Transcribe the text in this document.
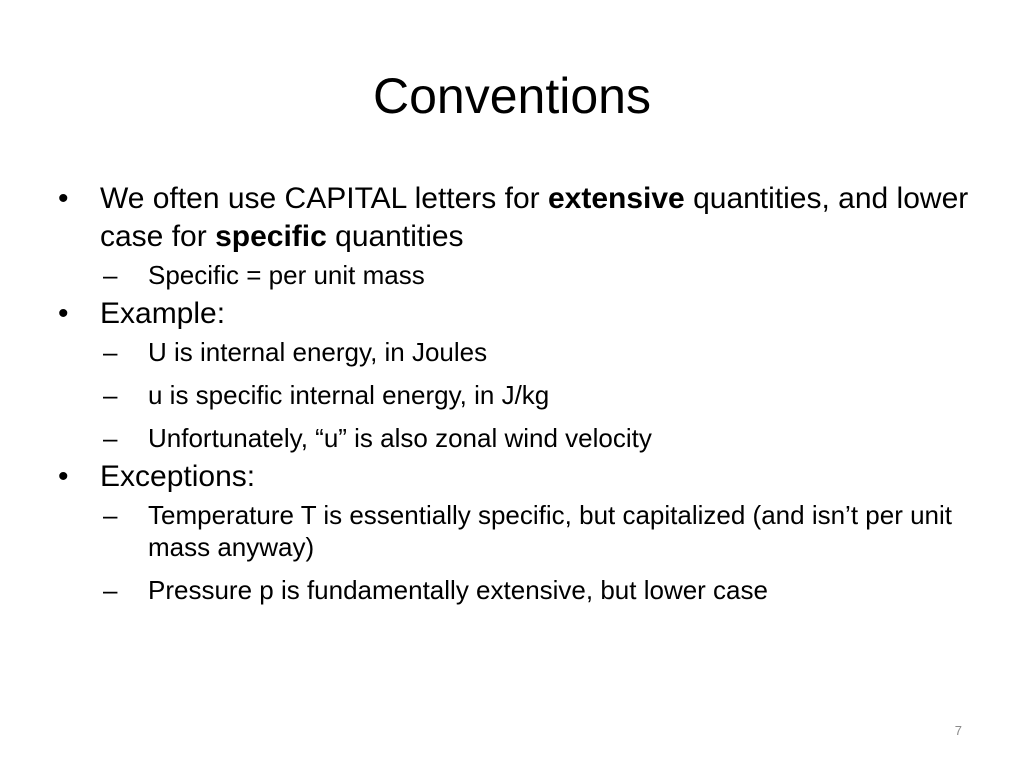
Conventions
•	We often use CAPITAL letters for extensive quantities, and lower case for specific quantities
–	Specific = per unit mass
•	Example:
–	U is internal energy, in Joules
–	u is specific internal energy, in J/kg
–	Unfortunately, “u” is also zonal wind velocity
•	Exceptions:
–	Temperature T is essentially specific, but capitalized (and isn’t per unit mass anyway)
–	Pressure p is fundamentally extensive, but lower case
7
